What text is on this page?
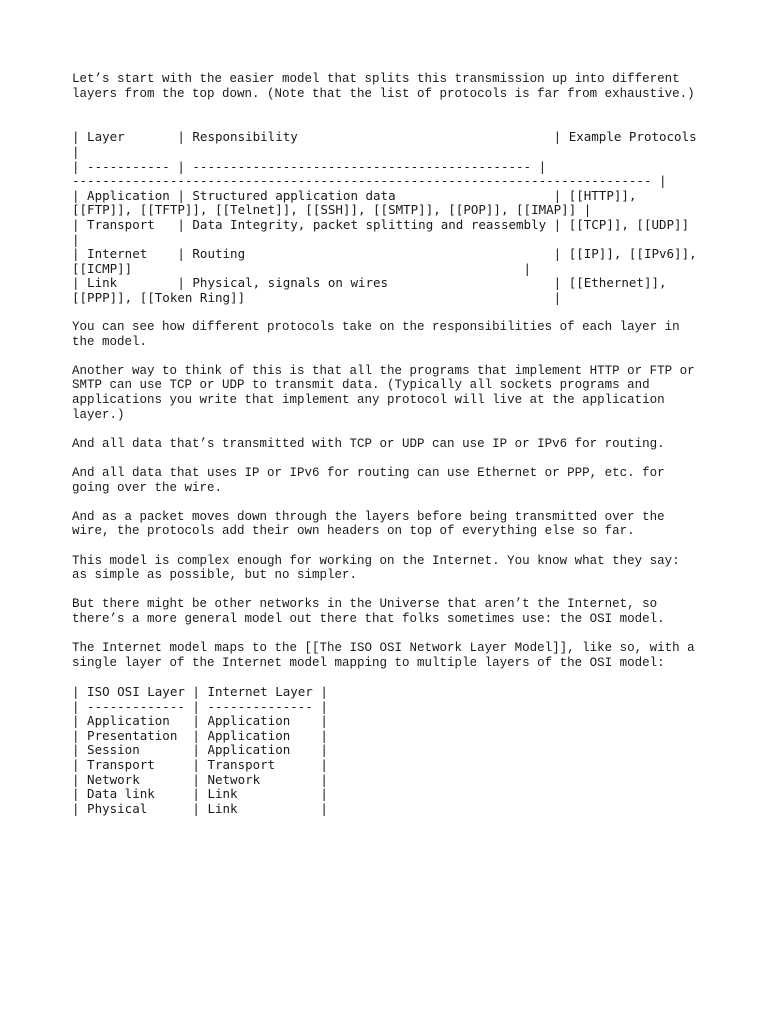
Let’s start with the easier model that splits this transmission up into different
layers from the top down. (Note that the list of protocols is far from exhaustive.)

| Layer       | Responsibility                                  | Example Protocols
|
| ----------- | --------------------------------------------- |
----------------------------------------------------------------------------- |
| Application | Structured application data                     | [[HTTP]],
[[FTP]], [[TFTP]], [[Telnet]], [[SSH]], [[SMTP]], [[POP]], [[IMAP]] |
| Transport   | Data Integrity, packet splitting and reassembly | [[TCP]], [[UDP]]
|
| Internet    | Routing                                         | [[IP]], [[IPv6]],
[[ICMP]]                                                    |
| Link        | Physical, signals on wires                      | [[Ethernet]],
[[PPP]], [[Token Ring]]                                         |

You can see how different protocols take on the responsibilities of each layer in
the model.

Another way to think of this is that all the programs that implement HTTP or FTP or
SMTP can use TCP or UDP to transmit data. (Typically all sockets programs and
applications you write that implement any protocol will live at the application
layer.)

And all data that’s transmitted with TCP or UDP can use IP or IPv6 for routing.

And all data that uses IP or IPv6 for routing can use Ethernet or PPP, etc. for
going over the wire.

And as a packet moves down through the layers before being transmitted over the
wire, the protocols add their own headers on top of everything else so far.

This model is complex enough for working on the Internet. You know what they say:
as simple as possible, but no simpler.

But there might be other networks in the Universe that aren’t the Internet, so
there’s a more general model out there that folks sometimes use: the OSI model.

The Internet model maps to the [[The ISO OSI Network Layer Model]], like so, with a
single layer of the Internet model mapping to multiple layers of the OSI model:

| ISO OSI Layer | Internet Layer |
| ------------- | -------------- |
| Application   | Application    |
| Presentation  | Application    |
| Session       | Application    |
| Transport     | Transport      |
| Network       | Network        |
| Data link     | Link           |
| Physical      | Link           |
